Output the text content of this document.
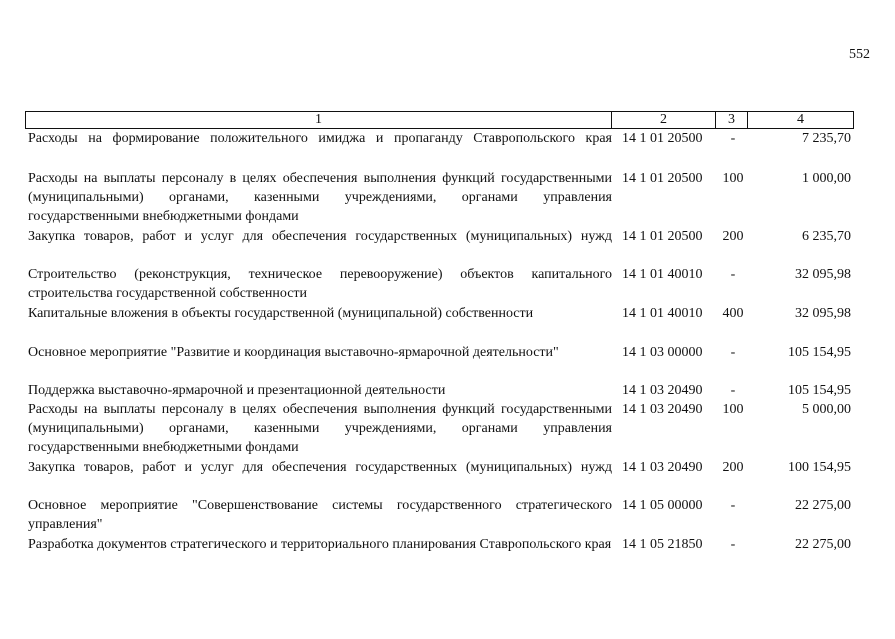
552
1	2	3	4
Расходы на формирование положительного имиджа и пропаганду Ставропольского края 14 1 01 20500	-	7 235,70
Расходы на выплаты персоналу в целях обеспечения выполнения функций государственными (муниципальными) органами, казенными учреждениями, органами управления государственными внебюджетными фондами
14 1 01 20500	100	1 000,00
Закупка товаров, работ и услуг для обеспечения государственных (муниципальных) нужд 14 1 01 20500	200	6 235,70
Строительство (реконструкция, техническое перевооружение) объектов капитального строительства государственной собственности
14 1 01 40010	-	32 095,98
Капитальные вложения в объекты государственной (муниципальной) собственности	14 1 01 40010	400	32 095,98
Основное мероприятие "Развитие и координация выставочно-ярмарочной деятельности"	14 1 03 00000	-	105 154,95
Поддержка выставочно-ярмарочной и презентационной деятельности	14 1 03 20490	-	105 154,95
Расходы на выплаты персоналу в целях обеспечения выполнения функций государственными (муниципальными) органами, казенными учреждениями, органами управления государственными внебюджетными фондами
14 1 03 20490	100	5 000,00
Закупка товаров, работ и услуг для обеспечения государственных (муниципальных) нужд 14 1 03 20490	200	100 154,95
Основное мероприятие "Совершенствование системы государственного стратегического управления"
14 1 05 00000	-	22 275,00
Разработка документов стратегического и территориального планирования Ставропольского края 14 1 05 21850	-	22 275,00
